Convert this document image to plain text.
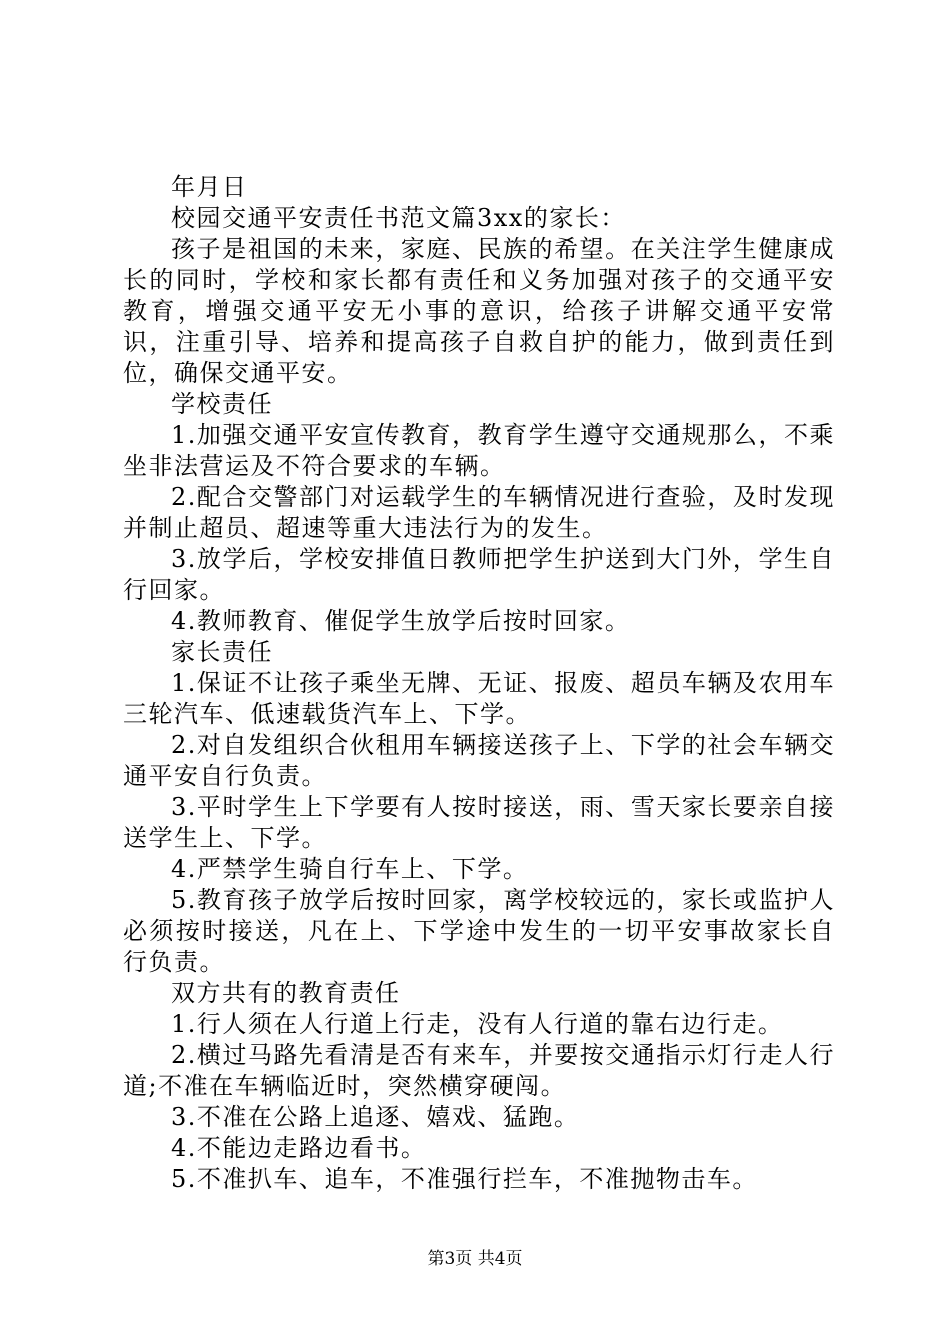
年月日

校园交通平安责任书范文篇3xx的家长：

孩子是祖国的未来，家庭、民族的希望。在关注学生健康成长的同时，学校和家长都有责任和义务加强对孩子的交通平安教育，增强交通平安无小事的意识，给孩子讲解交通平安常识，注重引导、培养和提高孩子自救自护的能力，做到责任到位，确保交通平安。

学校责任

1.加强交通平安宣传教育，教育学生遵守交通规那么，不乘坐非法营运及不符合要求的车辆。

2.配合交警部门对运载学生的车辆情况进行查验，及时发现并制止超员、超速等重大违法行为的发生。

3.放学后，学校安排值日教师把学生护送到大门外，学生自行回家。

4.教师教育、催促学生放学后按时回家。

家长责任

1.保证不让孩子乘坐无牌、无证、报废、超员车辆及农用车三轮汽车、低速载货汽车上、下学。

2.对自发组织合伙租用车辆接送孩子上、下学的社会车辆交通平安自行负责。

3.平时学生上下学要有人按时接送，雨、雪天家长要亲自接送学生上、下学。

4.严禁学生骑自行车上、下学。

5.教育孩子放学后按时回家，离学校较远的，家长或监护人必须按时接送，凡在上、下学途中发生的一切平安事故家长自行负责。

双方共有的教育责任

1.行人须在人行道上行走，没有人行道的靠右边行走。

2.横过马路先看清是否有来车，并要按交通指示灯行走人行道;不准在车辆临近时，突然横穿硬闯。

3.不准在公路上追逐、嬉戏、猛跑。

4.不能边走路边看书。

5.不准扒车、追车，不准强行拦车，不准抛物击车。

第3页 共4页
